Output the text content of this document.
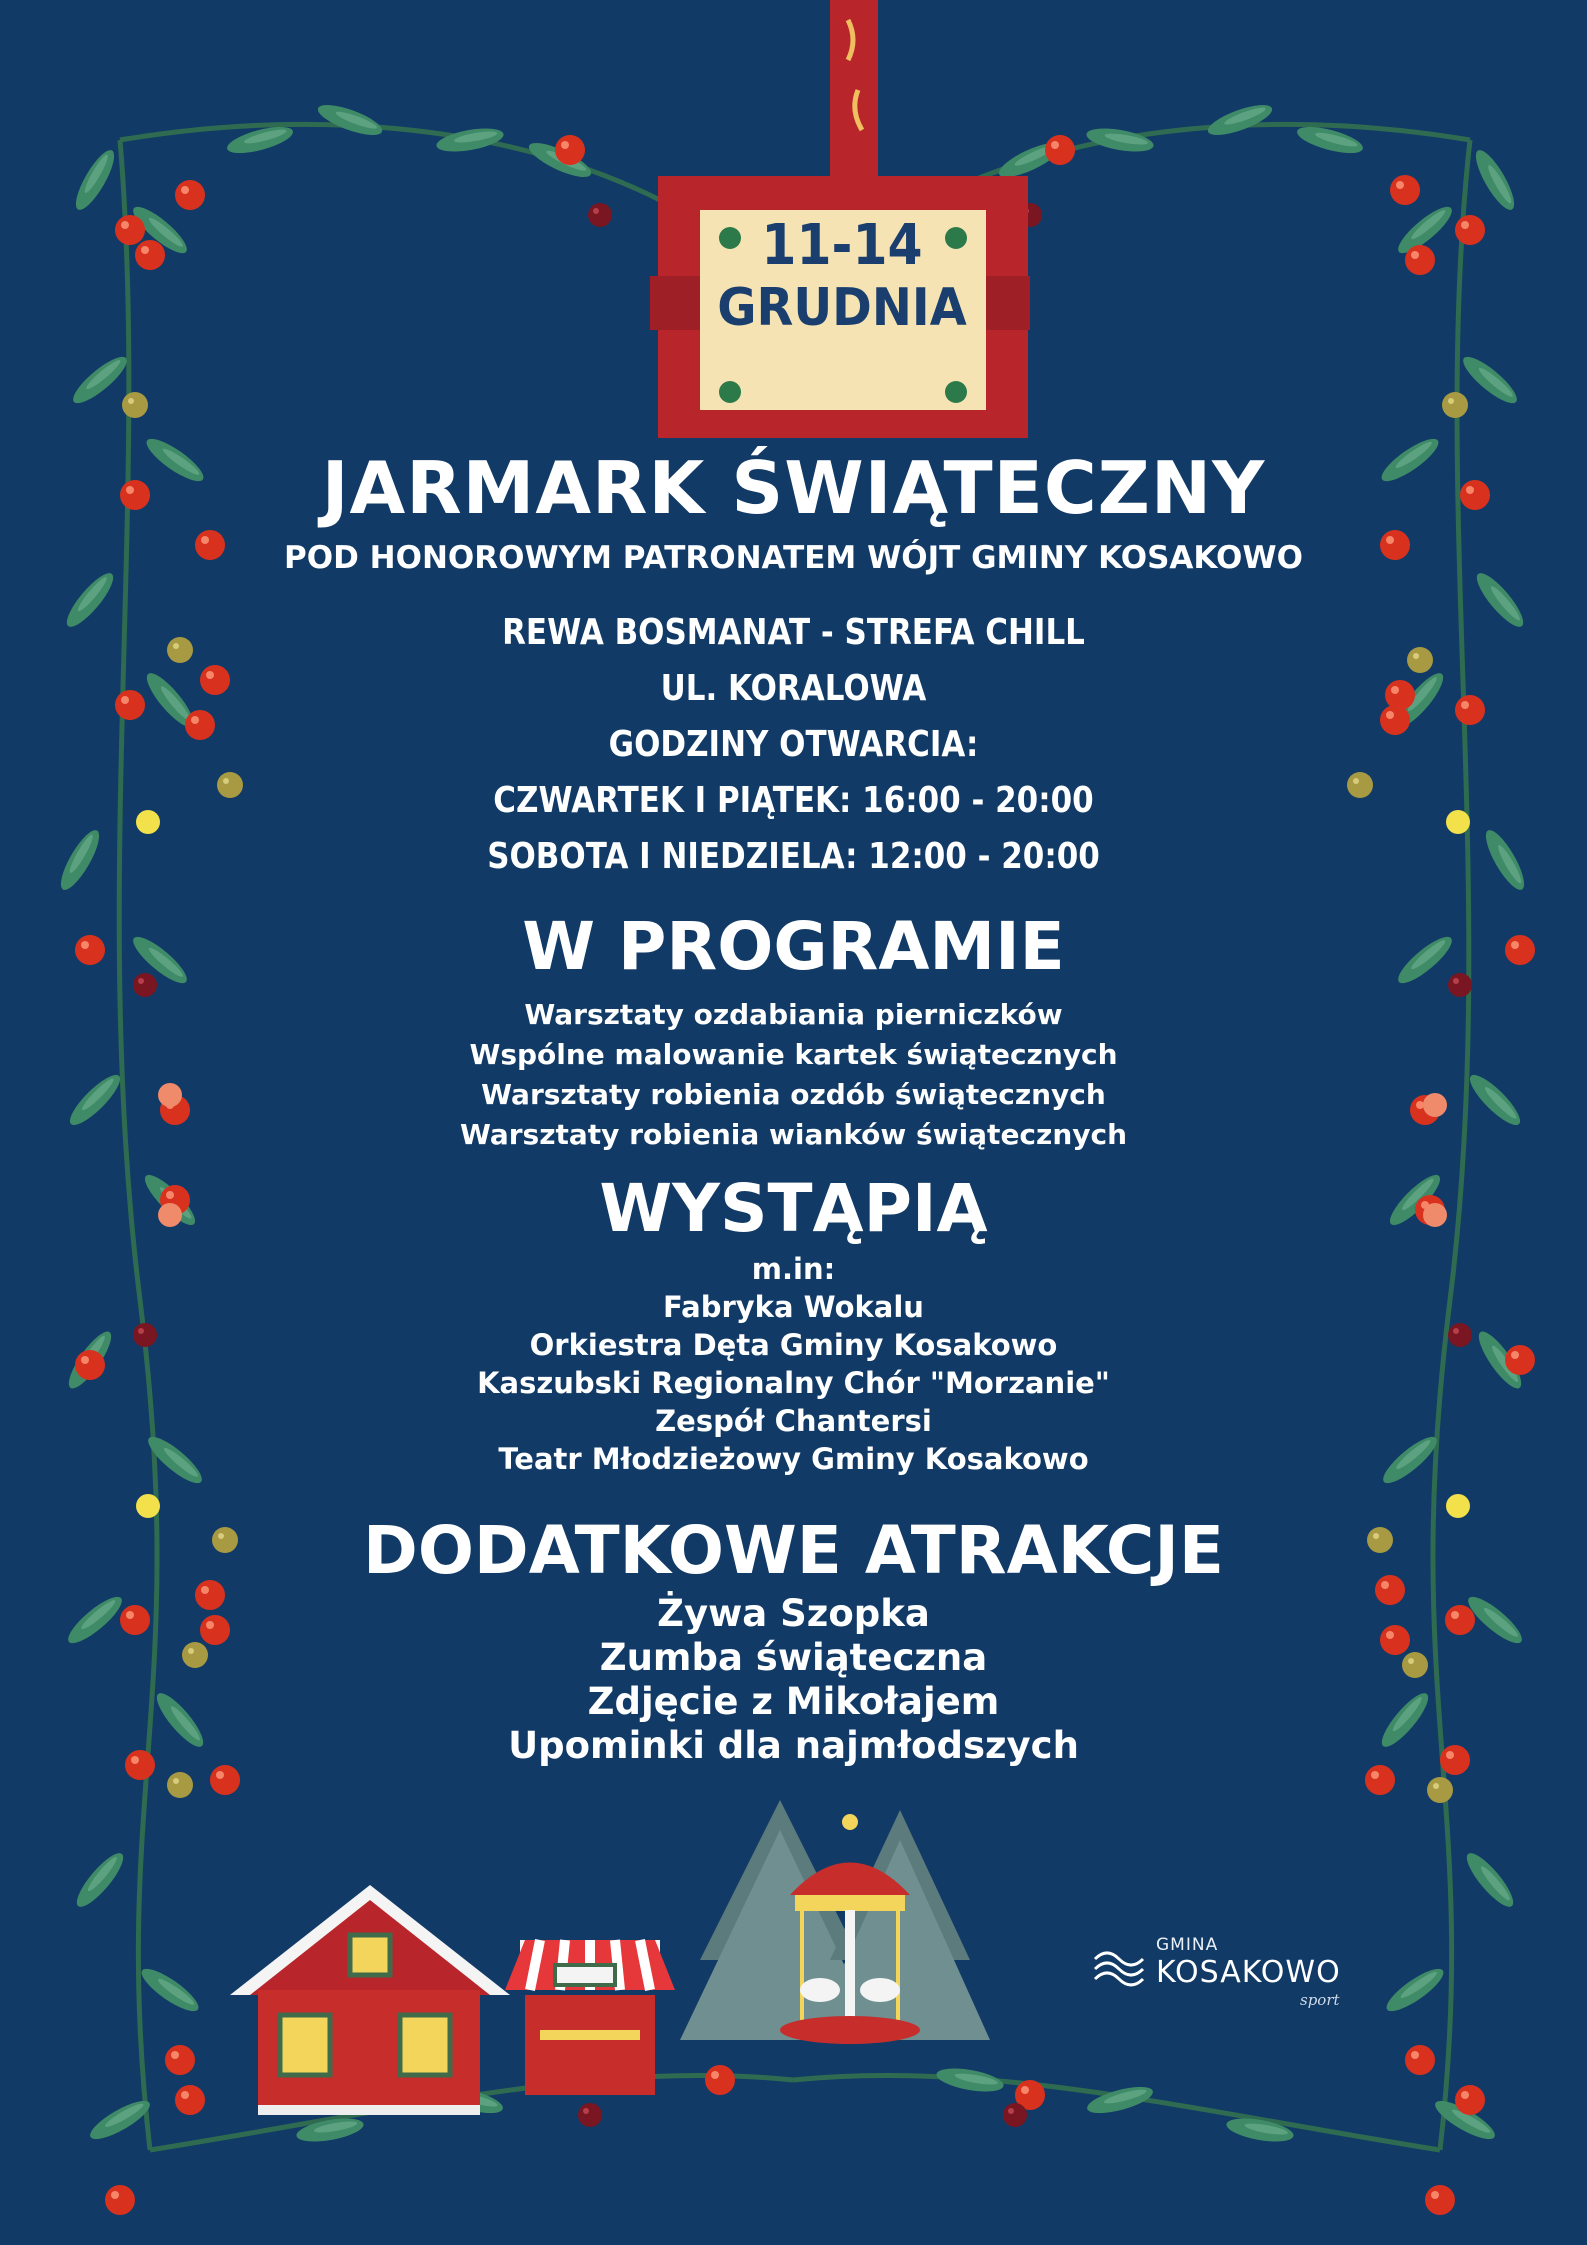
11-14
GRUDNIA
JARMARK ŚWIĄTECZNY
POD HONOROWYM PATRONATEM WÓJT GMINY KOSAKOWO
REWA BOSMANAT - STREFA CHILL
UL. KORALOWA
GODZINY OTWARCIA:
CZWARTEK I PIĄTEK: 16:00 - 20:00
SOBOTA I NIEDZIELA: 12:00 - 20:00
W PROGRAMIE
Warsztaty ozdabiania pierniczków
Wspólne malowanie kartek świątecznych
Warsztaty robienia ozdób świątecznych
Warsztaty robienia wianków świątecznych
WYSTĄPIĄ
m.in:
Fabryka Wokalu
Orkiestra Dęta Gminy Kosakowo
Kaszubski Regionalny Chór "Morzanie"
Zespół Chantersi
Teatr Młodzieżowy Gminy Kosakowo
DODATKOWE ATRAKCJE
Żywa Szopka
Zumba świąteczna
Zdjęcie z Mikołajem
Upominki dla najmłodszych
GMINA
KOSAKOWO
sport
